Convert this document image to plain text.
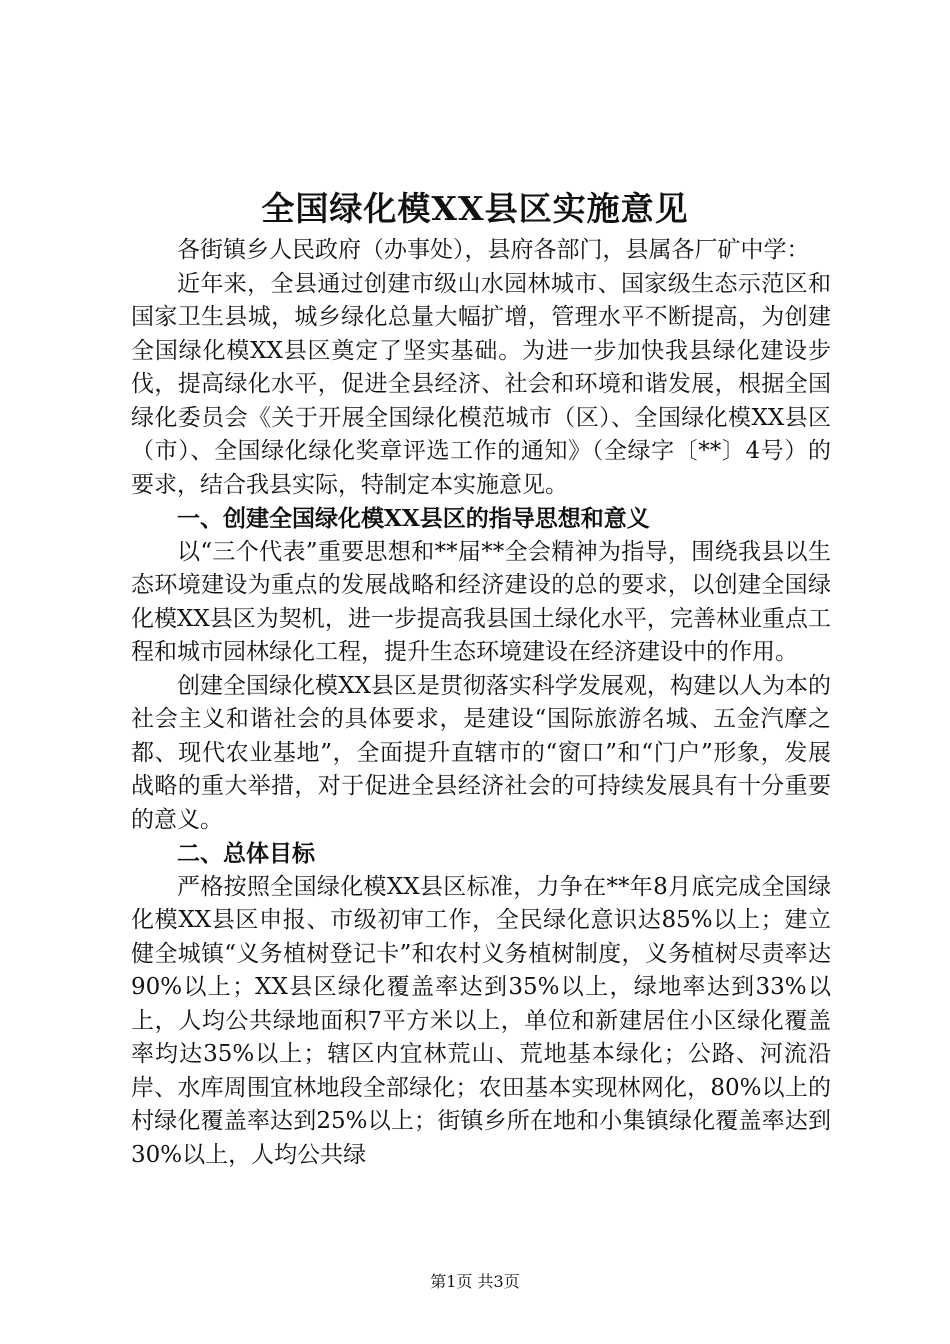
全国绿化模XX县区实施意见

各街镇乡人民政府（办事处），县府各部门，县属各厂矿中学：

近年来，全县通过创建市级山水园林城市、国家级生态示范区和国家卫生县城，城乡绿化总量大幅扩增，管理水平不断提高，为创建全国绿化模XX县区奠定了坚实基础。为进一步加快我县绿化建设步伐，提高绿化水平，促进全县经济、社会和环境和谐发展，根据全国绿化委员会《关于开展全国绿化模范城市（区）、全国绿化模XX县区（市）、全国绿化绿化奖章评选工作的通知》（全绿字〔**〕4号）的要求，结合我县实际，特制定本实施意见。

一、创建全国绿化模XX县区的指导思想和意义

以“三个代表”重要思想和**届**全会精神为指导，围绕我县以生态环境建设为重点的发展战略和经济建设的总的要求，以创建全国绿化模XX县区为契机，进一步提高我县国土绿化水平，完善林业重点工程和城市园林绿化工程，提升生态环境建设在经济建设中的作用。

创建全国绿化模XX县区是贯彻落实科学发展观，构建以人为本的社会主义和谐社会的具体要求，是建设“国际旅游名城、五金汽摩之都、现代农业基地”，全面提升直辖市的“窗口”和“门户”形象，发展战略的重大举措，对于促进全县经济社会的可持续发展具有十分重要的意义。

二、总体目标

严格按照全国绿化模XX县区标准，力争在**年8月底完成全国绿化模XX县区申报、市级初审工作，全民绿化意识达85%以上；建立健全城镇“义务植树登记卡”和农村义务植树制度，义务植树尽责率达90%以上；XX县区绿化覆盖率达到35%以上，绿地率达到33%以上，人均公共绿地面积7平方米以上，单位和新建居住小区绿化覆盖率均达35%以上；辖区内宜林荒山、荒地基本绿化；公路、河流沿岸、水库周围宜林地段全部绿化；农田基本实现林网化，80%以上的村绿化覆盖率达到25%以上；街镇乡所在地和小集镇绿化覆盖率达到30%以上，人均公共绿

第1页 共3页
